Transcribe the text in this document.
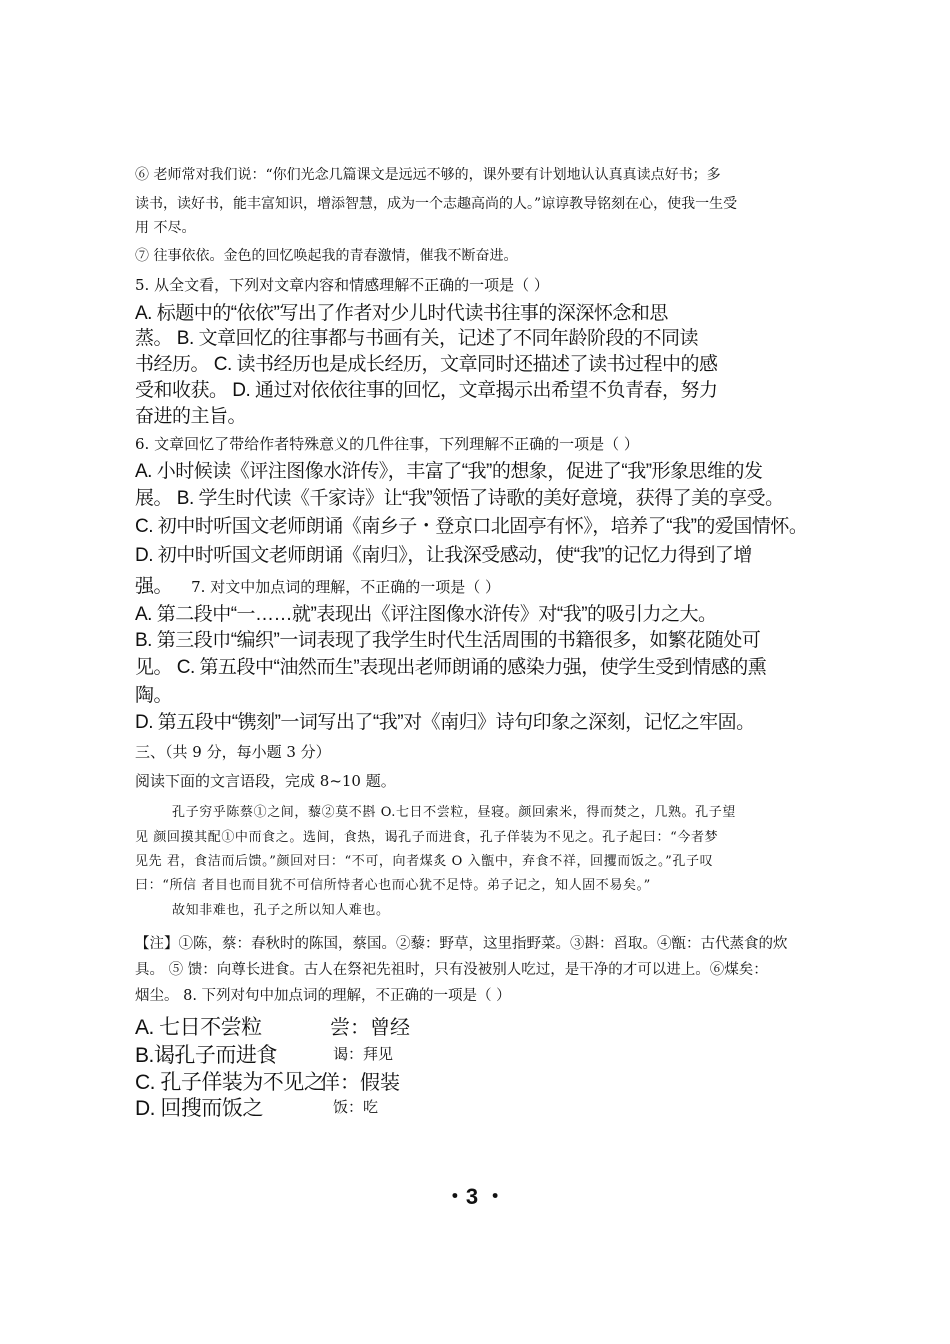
⑥ 老师常对我们说：“你们光念几篇课文是远远不够的，课外要有计划地认认真真读点好书；多

读书，读好书，能丰富知识，增添智慧，成为一个志趣高尚的人。”谅谆教导铭刻在心，使我一生受

用 不尽。

⑦ 往事依依。金色的回忆唤起我的青春激情，催我不断奋进。

5. 从全文看，下列对文章内容和情感理解不正确的一项是（ ）

A. 标题中的“依依”写出了作者对少儿时代读书往事的深深怀念和思

蒸。 B. 文章回忆的往事都与书画有关，记述了不同年龄阶段的不同读

书经历。 C. 读书经历也是成长经历，文章同时还描述了读书过程中的感

受和收获。 D. 通过对依依往事的回忆，文章揭示出希望不负青春，努力

奋进的主旨。

6. 文章回忆了带给作者特殊意义的几件往事，下列理解不正确的一项是（ ）

A. 小时候读《评注图像水浒传》，丰富了“我”的想象，促进了“我”形象思维的发

展。 B. 学生时代读《千家诗》让“我”领悟了诗歌的美好意境，获得了美的享受。

C. 初中时听国文老师朗诵《南乡子・登京口北固亭有怀》，培养了“我”的爱国情怀。

D. 初中时听国文老师朗诵《南归》，让我深受感动，使“我”的记忆力得到了增

强。 7. 对文中加点词的理解，不正确的一项是（ ）

A. 第二段中“一……就”表现出《评注图像水浒传》对“我”的吸引力之大。

B. 第三段巾“编织”一词表现了我学生时代生活周围的书籍很多，如繁花随处可

见。 C. 第五段中“油然而生”表现出老师朗诵的感染力强，使学生受到情感的熏

陶。

D. 第五段中“镌刻”一词写出了“我”对《南归》诗句印象之深刻，记忆之牢固。

三、（共 9 分，每小题 3 分）

阅读下面的文言语段，完成 8~10 题。

孔子穷乎陈蔡①之间，藜②莫不斟 O.七日不尝粒，昼寝。颜回索米，得而焚之，几熟。孔子望

见 颜回摸其配①中而食之。选间，食热，谒孔子而进食，孔子佯装为不见之。孔子起曰：“今者梦

见先 君，食洁而后馈。”颜回对曰：“不可，向者煤炙 O 入甑中，弃食不祥，回攫而饭之。”孔子叹

曰：“所信 者目也而目犹不可信所恃者心也而心犹不足恃。弟子记之，知人固不易矣。”

故知非难也，孔子之所以知人难也。

【注】①陈，蔡：春秋时的陈国，蔡国。②藜：野草，这里指野菜。③斟：舀取。④甑：古代蒸食的炊

具。 ⑤ 馈：向尊长进食。古人在祭祀先祖时，只有没被别人吃过，是干净的才可以进上。⑥煤矣：

烟尘。 8. 下列对句中加点词的理解，不正确的一项是（ ）

A. 七日不尝粒	尝：曾经
B.谒孔子而进食	谒：拜见
C. 孔子佯装为不见之
佯：假装
D. 回搜而饭之	饭：吃
・3 ・
